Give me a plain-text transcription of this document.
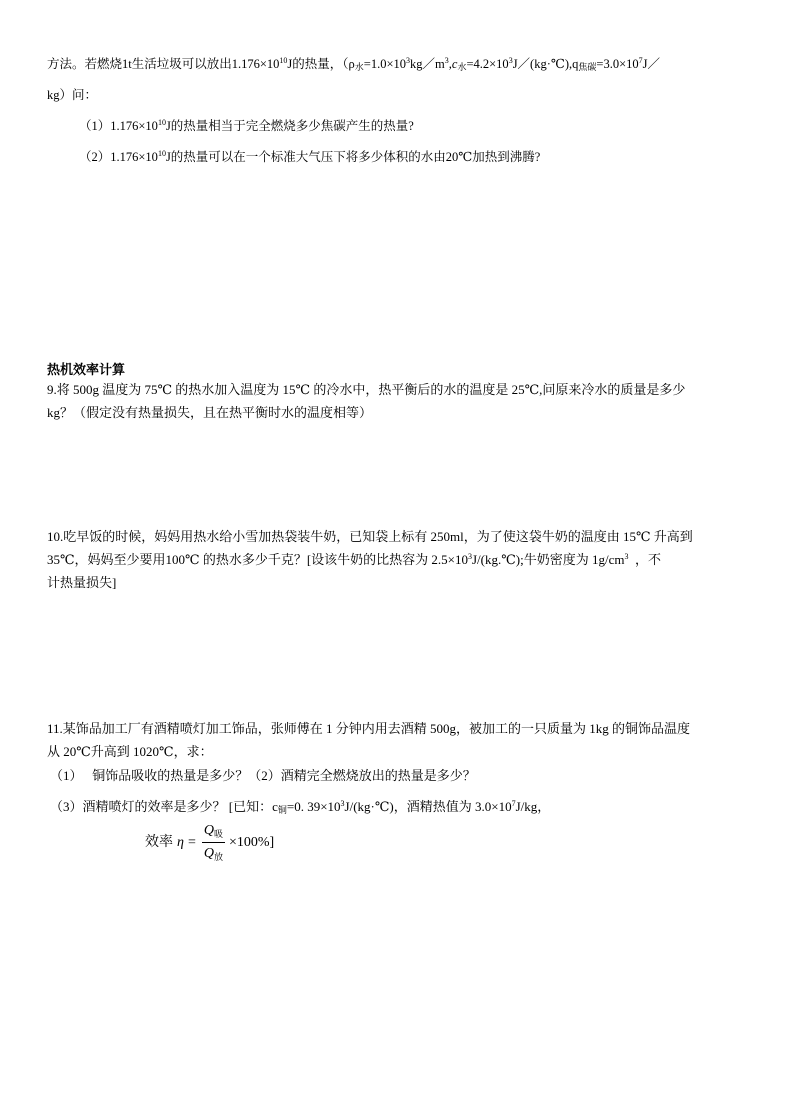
方法。若燃烧1t生活垃圾可以放出$1.176\times 10^{10}J$的热量，（$\rho_水=1.0\times 10^3kg/m^3,c_水=4.2\times 10^3J/(kg\cdot℃),q_{焦碳}=3.0\times 10^7J/$
kg）问：
$(1)1.176\times 10^{10}J$的热量相当于完全燃烧多少焦碳产生的热量?
$(2)1.176\times 10^{10}J$的热量可以在一个标准大气压下将多少体积的水由20℃加热到沸腾?
热机效率计算
9.将 500g 温度为 75℃ 的热水加入温度为 15℃ 的冷水中，热平衡后的水的温度是 25℃,问原来冷水的质量是多少
kg？（假定没有热量损失，且在热平衡时水的温度相等）
10.吃早饭的时候，妈妈用热水给小雪加热袋装牛奶，已知袋上标有 250ml，为了使这袋牛奶的温度由 15℃ 升高到
35℃，妈妈至少要用100℃ 的热水多少千克？[设该牛奶的比热容为 $2.5\times 10^3J/(kg.℃)$;牛奶密度为 $1g/cm^3$  ，不
计热量损失]
11.某饰品加工厂有酒精喷灯加工饰品，张师傅在 1 分钟内用去酒精 500g，被加工的一只质量为 1kg 的铜饰品温度
从 20℃升高到 1020℃，求：
（1）   铜饰品吸收的热量是多少？（2）酒精完全燃烧放出的热量是多少？
（3）酒精喷灯的效率是多少？ [已知：$c_铜=0$. $39\times 10^3J/(kg\cdot℃)$，酒精热值为 $3.0\times 10^7J/kg$，
效率 $\eta = \frac{Q_吸}{Q_放} \times 100\%$]
